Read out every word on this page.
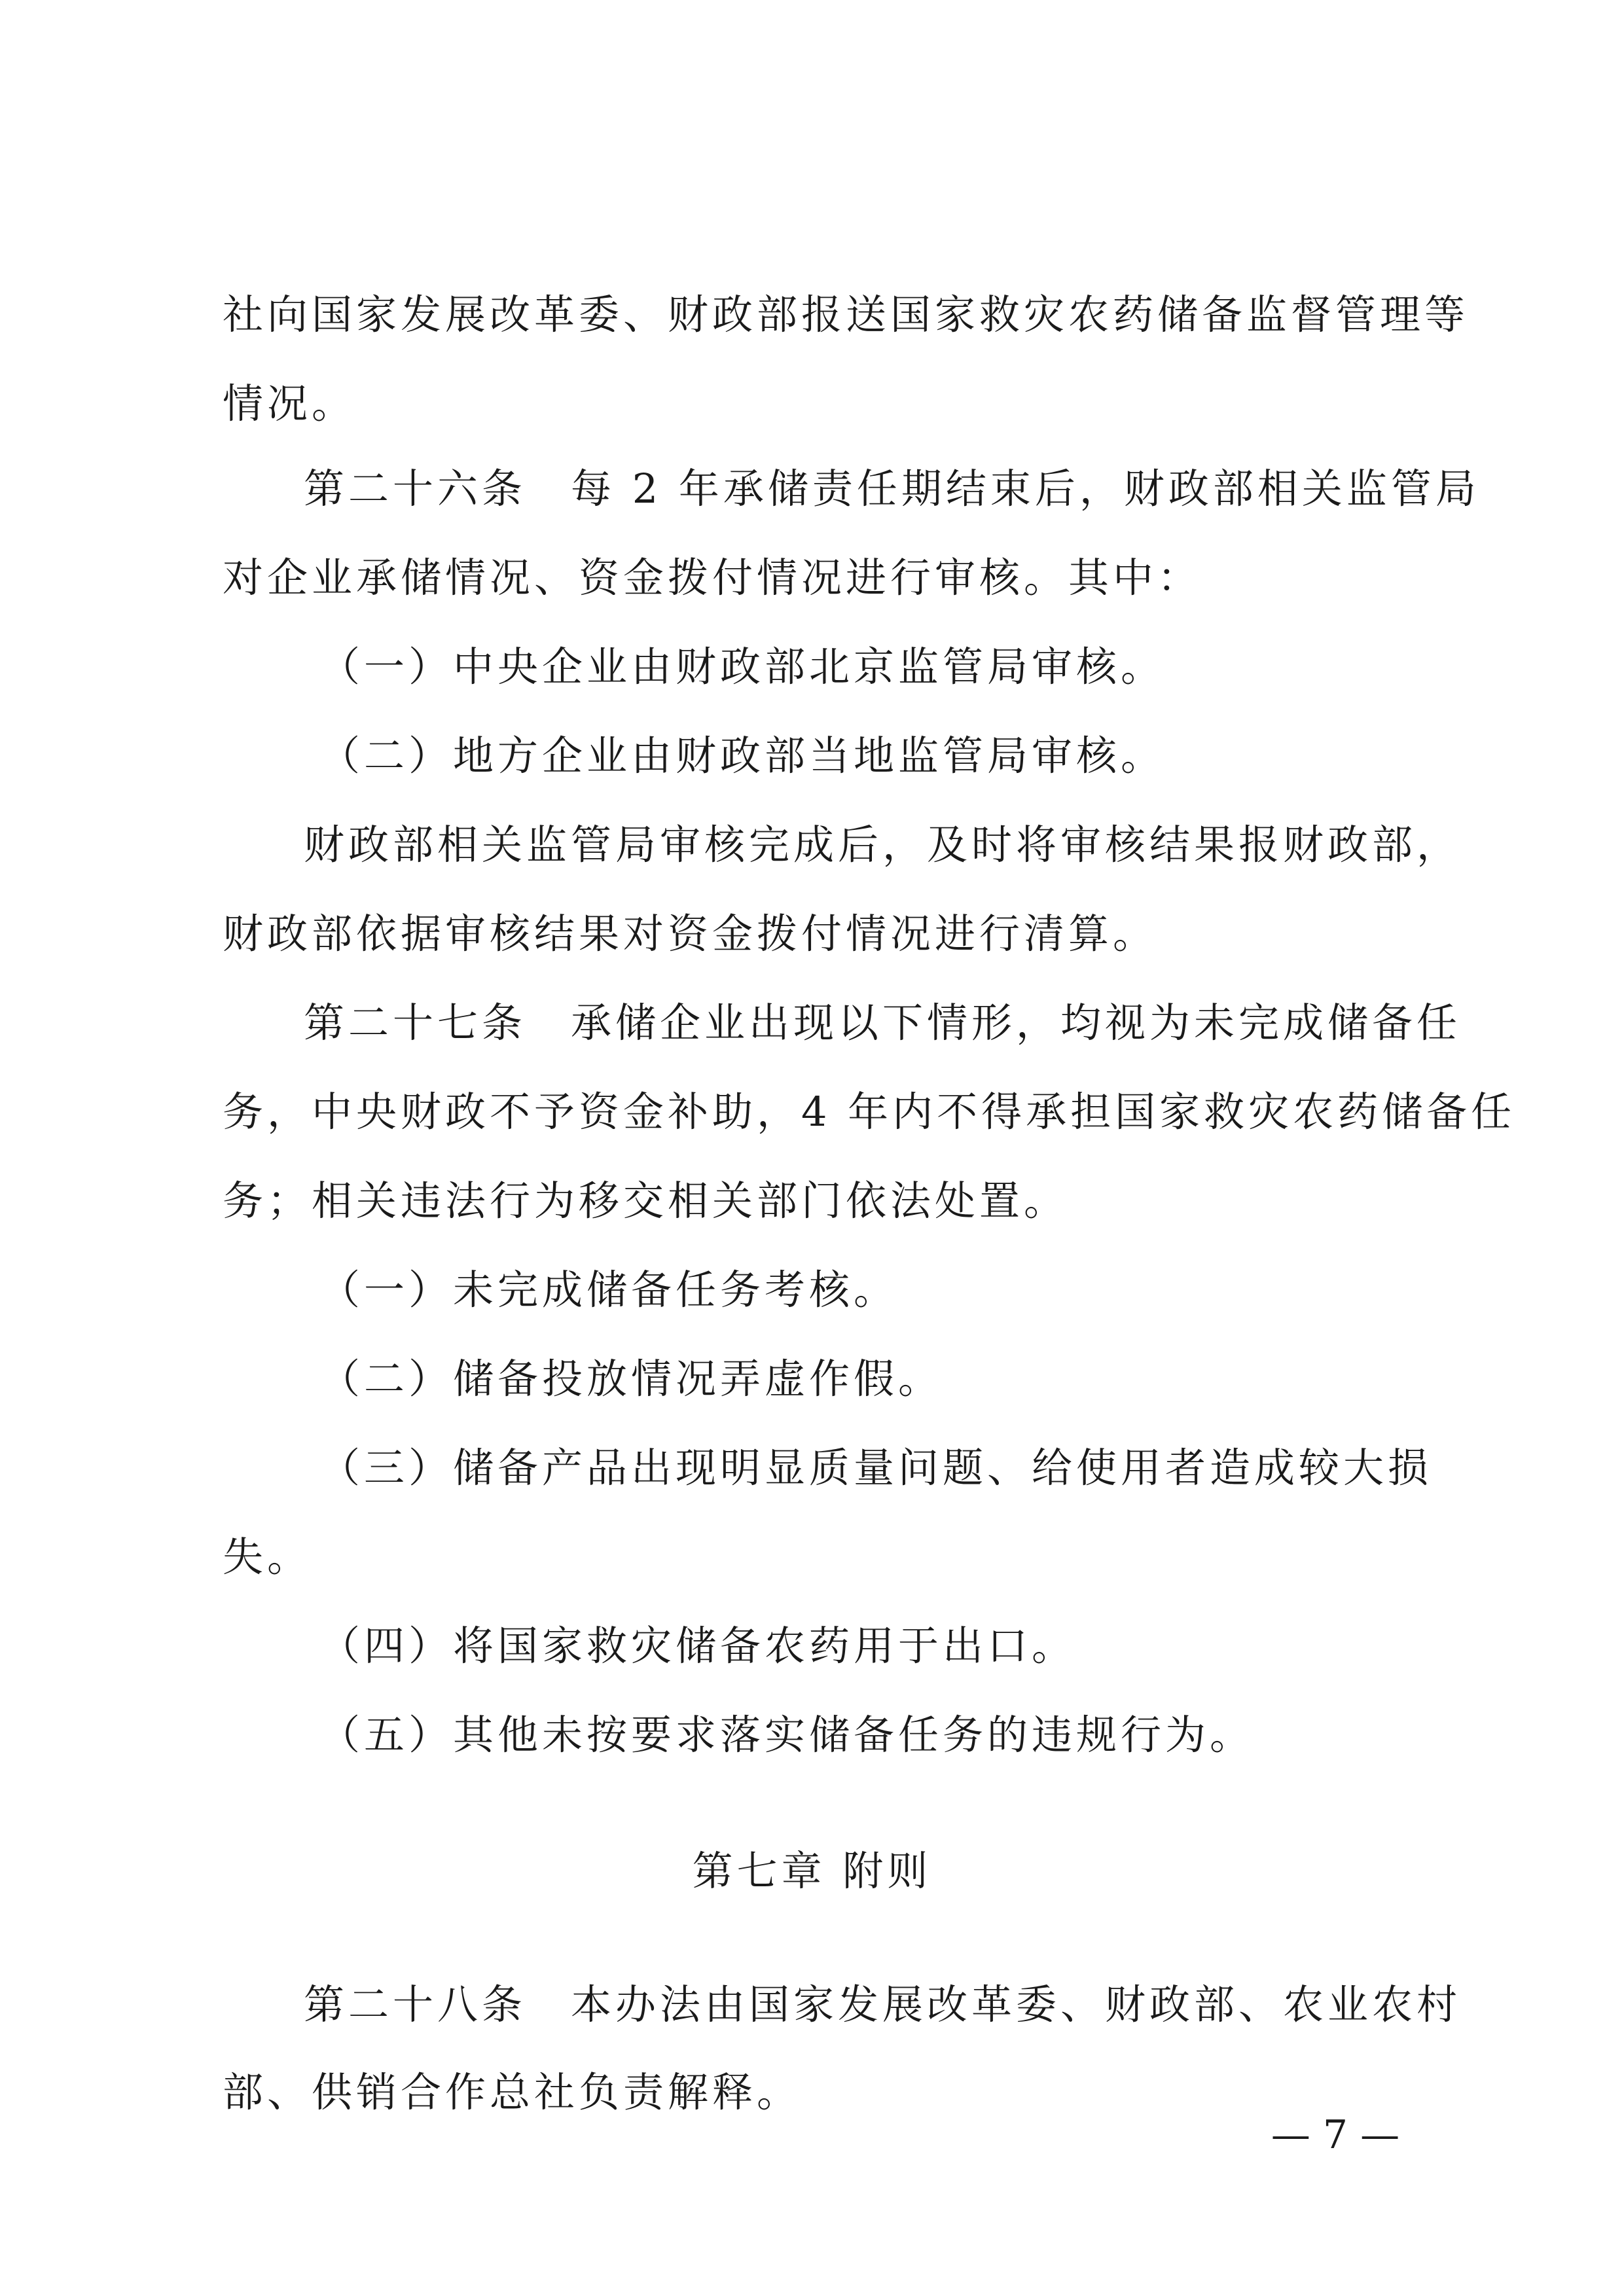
社向国家发展改革委、财政部报送国家救灾农药储备监督管理等
情况。
第二十六条　每 2 年承储责任期结束后，财政部相关监管局
对企业承储情况、资金拨付情况进行审核。其中：
（一）中央企业由财政部北京监管局审核。
（二）地方企业由财政部当地监管局审核。
财政部相关监管局审核完成后，及时将审核结果报财政部，
财政部依据审核结果对资金拨付情况进行清算。
第二十七条　承储企业出现以下情形，均视为未完成储备任
务，中央财政不予资金补助，4 年内不得承担国家救灾农药储备任
务；相关违法行为移交相关部门依法处置。
（一）未完成储备任务考核。
（二）储备投放情况弄虚作假。
（三）储备产品出现明显质量问题、给使用者造成较大损
失。
（四）将国家救灾储备农药用于出口。
（五）其他未按要求落实储备任务的违规行为。
第七章 附则
第二十八条　本办法由国家发展改革委、财政部、农业农村
部、供销合作总社负责解释。
— 7 —
